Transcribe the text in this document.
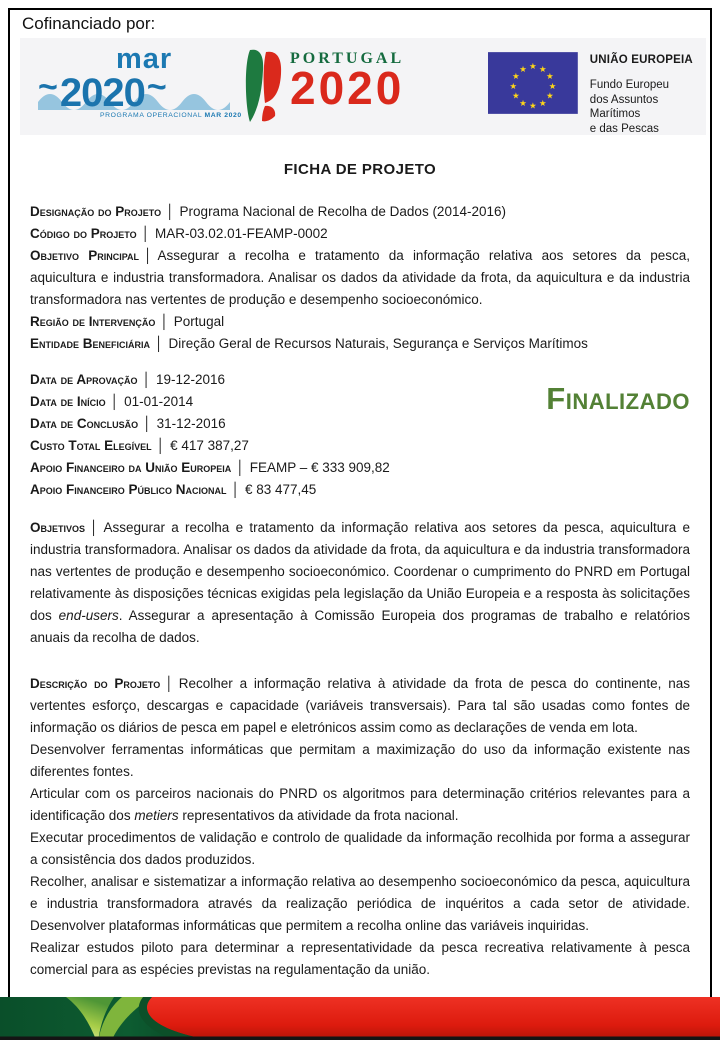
Cofinanciado por:
mar
~2020~
PROGRAMA OPERACIONAL MAR 2020
PORTUGAL
2020	★ ★
★
★
★
★
★
★
★
★
★
★
UNIÃO EUROPEIA
Fundo Europeu
dos Assuntos Marítimos
e das Pescas
FICHA DE PROJETO

Designação do Projeto │ Programa Nacional de Recolha de Dados (2014-2016)

Código do Projeto │ MAR-03.02.01-FEAMP-0002

Objetivo Principal │ Assegurar a recolha e tratamento da informação relativa aos setores da pesca, aquicultura e industria transformadora. Analisar os dados da atividade da frota, da aquicultura e da industria transformadora nas vertentes de produção e desempenho socioeconómico.

Região de Intervenção │ Portugal

Entidade Beneficiária │ Direção Geral de Recursos Naturais, Segurança e Serviços Marítimos

Finalizado

Data de Aprovação │ 19-12-2016

Data de Início │ 01-01-2014

Data de Conclusão │ 31-12-2016

Custo Total Elegível │ € 417 387,27

Apoio Financeiro da União Europeia │ FEAMP – € 333 909,82

Apoio Financeiro Público Nacional │ € 83 477,45

Objetivos │ Assegurar a recolha e tratamento da informação relativa aos setores da pesca, aquicultura e industria transformadora. Analisar os dados da atividade da frota, da aquicultura e da industria transformadora nas vertentes de produção e desempenho socioeconómico. Coordenar o cumprimento do PNRD em Portugal relativamente às disposições técnicas exigidas pela legislação da União Europeia e a resposta às solicitações dos end-users. Assegurar a apresentação à Comissão Europeia dos programas de trabalho e relatórios anuais da recolha de dados.

Descrição do Projeto │ Recolher a informação relativa à atividade da frota de pesca do continente, nas vertentes esforço, descargas e capacidade (variáveis transversais). Para tal são usadas como fontes de informação os diários de pesca em papel e eletrónicos assim como as declarações de venda em lota.

Desenvolver ferramentas informáticas que permitam a maximização do uso da informação existente nas diferentes fontes.

Articular com os parceiros nacionais do PNRD os algoritmos para determinação critérios relevantes para a identificação dos metiers representativos da atividade da frota nacional.

Executar procedimentos de validação e controlo de qualidade da informação recolhida por forma a assegurar a consistência dos dados produzidos.

Recolher, analisar e sistematizar a informação relativa ao desempenho socioeconómico da pesca, aquicultura e industria transformadora através da realização periódica de inquéritos a cada setor de atividade. Desenvolver plataformas informáticas que permitem a recolha online das variáveis inquiridas.

Realizar estudos piloto para determinar a representatividade da pesca recreativa relativamente à pesca comercial para as espécies previstas na regulamentação da união.
